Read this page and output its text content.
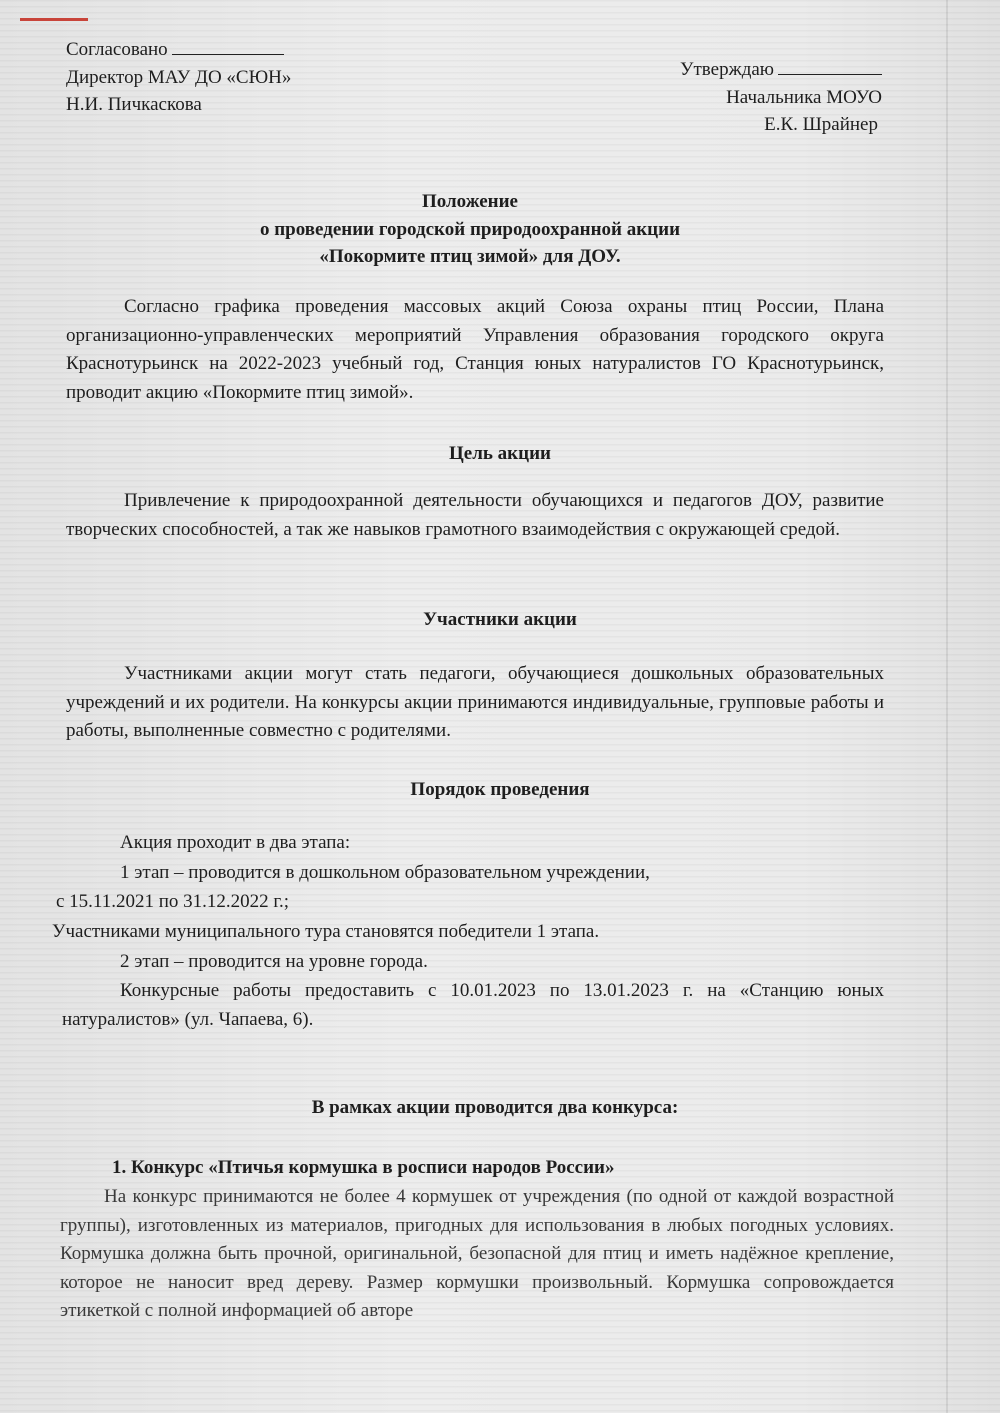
Согласовано
Директор МАУ ДО «СЮН»
Н.И. Пичкаскова
Утверждаю
Начальника МОУО
Е.К. Шрайнер
Положение
о проведении городской природоохранной акции
«Покормите птиц зимой» для ДОУ.

Согласно графика проведения массовых акций Союза охраны птиц России, Плана организационно-управленческих мероприятий Управления образования городского округа Краснотурьинск на 2022-2023 учебный год, Станция юных натуралистов ГО Краснотурьинск, проводит акцию «Покормите птиц зимой».

Цель акции

Привлечение к природоохранной деятельности обучающихся и педагогов ДОУ, развитие творческих способностей, а так же навыков грамотного взаимодействия с окружающей средой.

Участники акции

Участниками акции могут стать педагоги, обучающиеся дошкольных образовательных учреждений и их родители. На конкурсы акции принимаются индивидуальные, групповые работы и работы, выполненные совместно с родителями.

Порядок проведения
Акция проходит в два этапа:
1 этап – проводится в дошкольном образовательном учреждении,
с 15.11.2021 по 31.12.2022 г.;
Участниками муниципального тура становятся победители 1 этапа.
2 этап – проводится на уровне города.

Конкурсные работы предоставить с 10.01.2023 по 13.01.2023 г. на «Станцию юных натуралистов» (ул. Чапаева, 6).

В рамках акции проводится два конкурса:
1. Конкурс «Птичья кормушка в росписи народов России»

На конкурс принимаются не более 4 кормушек от учреждения (по одной от каждой возрастной группы), изготовленных из материалов, пригодных для использования в любых погодных условиях. Кормушка должна быть прочной, оригинальной, безопасной для птиц и иметь надёжное крепление, которое не наносит вред дереву. Размер кормушки произвольный. Кормушка сопровождается этикеткой с полной информацией об авторе
